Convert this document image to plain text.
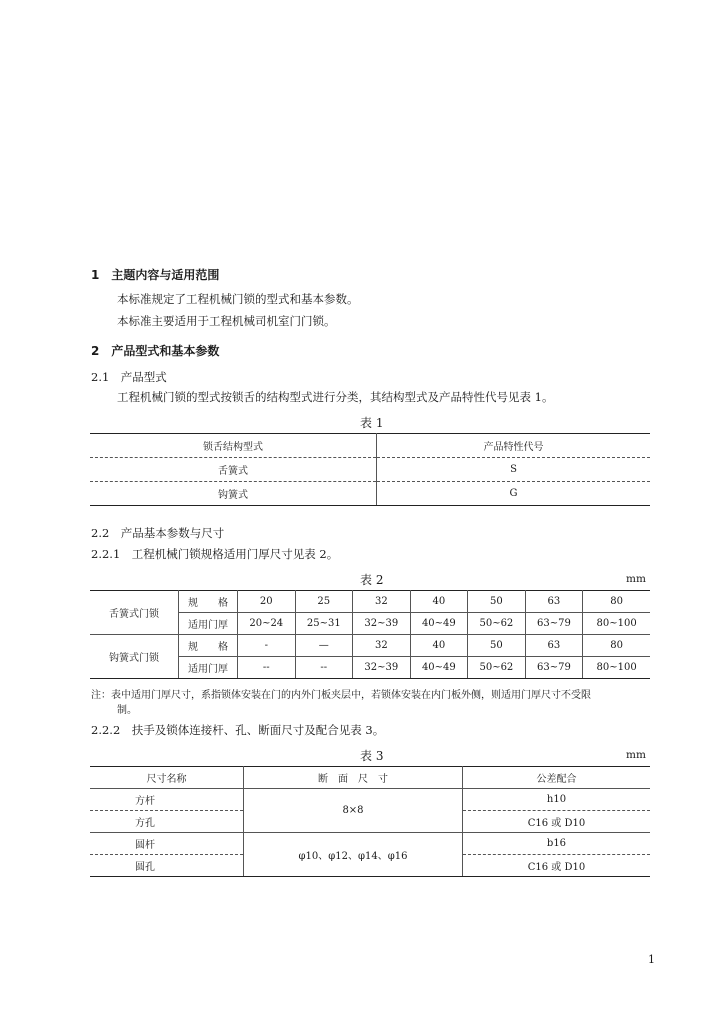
1　主题内容与适用范围
本标准规定了工程机械门锁的型式和基本参数。
本标准主要适用于工程机械司机室门门锁。
2　产品型式和基本参数
2.1　产品型式
工程机械门锁的型式按锁舌的结构型式进行分类，其结构型式及产品特性代号见表 1。
表 1
锁舌结构型式	产品特性代号
舌簧式	S
钩簧式	G
2.2　产品基本参数与尺寸
2.2.1　工程机械门锁规格适用门厚尺寸见表 2。
表 2	mm
舌簧式门锁	规　　格	20	25	32	40	50	63	80
	适用门厚	20~24	25~31	32~39	40~49	50~62	63~79	80~100
钩簧式门锁	规　　格	-	—	32	40	50	63	80
	适用门厚	--	--	32~39	40~49	50~62	63~79	80~100
注：表中适用门厚尺寸，系指锁体安装在门的内外门板夹层中，若锁体安装在内门板外侧，则适用门厚尺寸不受限
制。
2.2.2　扶手及锁体连接杆、孔、断面尺寸及配合见表 3。
表 3	mm
尺寸名称	断　面　尺　寸	公差配合
方杆	8×8	h10
方孔		C16 或 D10
圆杆	φ10、φ12、φ14、φ16	b16
圆孔		C16 或 D10
1
